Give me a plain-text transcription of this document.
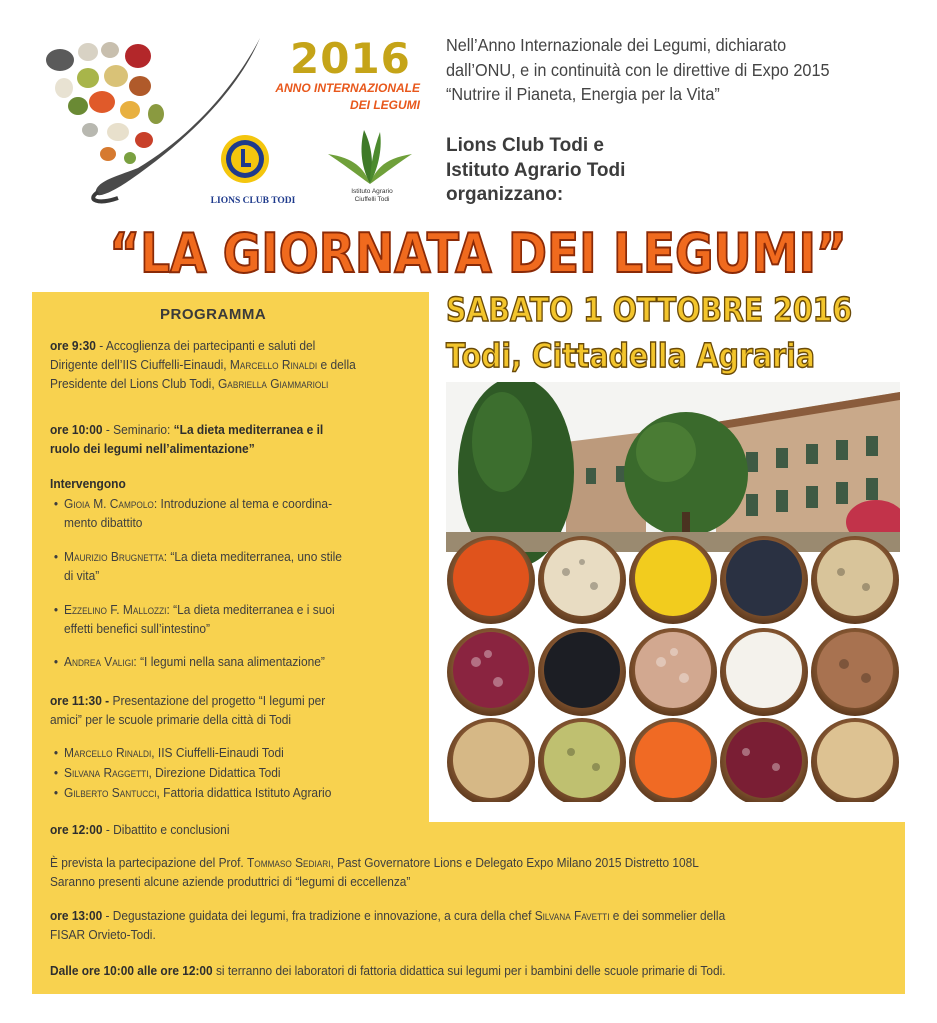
2016
ANNO INTERNAZIONALE
DEI LEGUMI
LIONS CLUB TODI
Istituto Agrario
Ciuffelli Todi
Nell’Anno Internazionale dei Legumi, dichiarato
dall’ONU, e in continuità con le direttive di Expo 2015
“Nutrire il Pianeta, Energia per la Vita”
Lions Club Todi e
Istituto Agrario Todi
organizzano:
“LA GIORNATA DEI LEGUMI”
PROGRAMMA
ore 9:30 - Accoglienza dei partecipanti e saluti del
Dirigente dell’IIS Ciuffelli-Einaudi, Marcello Rinaldi e della
Presidente del Lions Club Todi, Gabriella Giammarioli
ore 10:00 - Seminario: “La dieta mediterranea e il
ruolo dei legumi nell’alimentazione”
Intervengono
• Gioia M. Campolo: Introduzione al tema e coordina-
mento dibattito
• Maurizio Brugnetta: “La dieta mediterranea, uno stile
di vita”
• Ezzelino F. Mallozzi: “La dieta mediterranea e i suoi
effetti benefici sull’intestino”
• Andrea Valigi: “I legumi nella sana alimentazione”
ore 11:30 - Presentazione del progetto “I legumi per
amici” per le scuole primarie della città di Todi
• Marcello Rinaldi, IIS Ciuffelli-Einaudi Todi
• Silvana Raggetti, Direzione Didattica Todi
• Gilberto Santucci, Fattoria didattica Istituto Agrario
ore 12:00 - Dibattito e conclusioni
È prevista la partecipazione del Prof. Tommaso Sediari, Past Governatore Lions e Delegato Expo Milano 2015 Distretto 108L
Saranno presenti alcune aziende produttrici di “legumi di eccellenza”
ore 13:00 - Degustazione guidata dei legumi, fra tradizione e innovazione, a cura della chef Silvana Favetti e dei sommelier della
FISAR Orvieto-Todi.
Dalle ore 10:00 alle ore 12:00 si terranno dei laboratori di fattoria didattica sui legumi per i bambini delle scuole primarie di Todi.
SABATO 1 OTTOBRE 2016
Todi, Cittadella Agraria
